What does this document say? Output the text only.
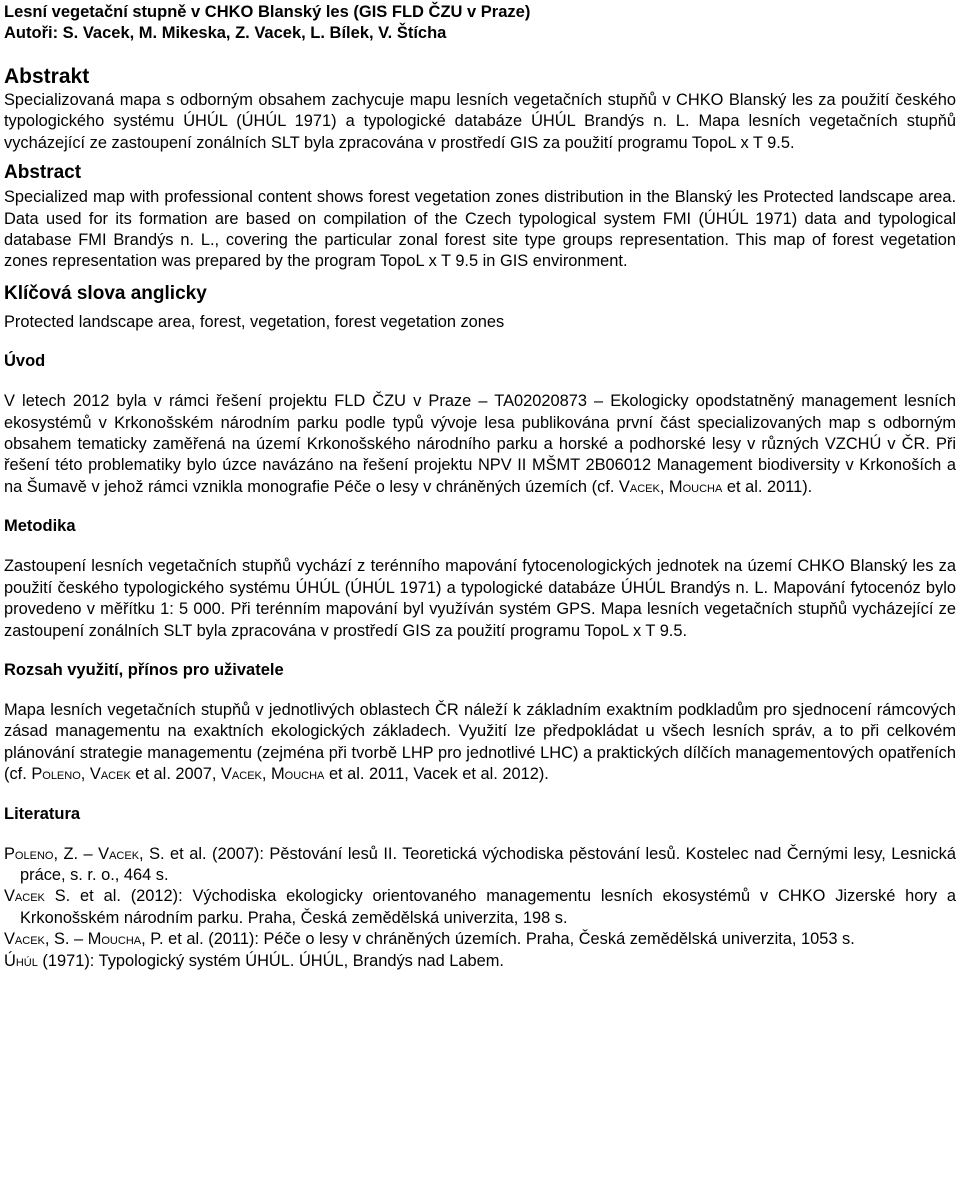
Lesní vegetační stupně v CHKO Blanský les (GIS FLD ČZU v Praze)
Autoři: S. Vacek, M. Mikeska, Z. Vacek, L. Bílek, V. Štícha
Abstrakt

Specializovaná mapa s odborným obsahem zachycuje mapu lesních vegetačních stupňů v CHKO Blanský les za použití českého typologického systému ÚHÚL (ÚHÚL 1971) a typologické databáze ÚHÚL Brandýs n. L. Mapa lesních vegetačních stupňů vycházející ze zastoupení zonálních SLT byla zpracována v prostředí GIS za použití programu TopoL x T 9.5.

Abstract

Specialized map with professional content shows forest vegetation zones distribution in the Blanský les Protected landscape area. Data used for its formation are based on compilation of the Czech typological system FMI (ÚHÚL 1971) data and typological database FMI Brandýs n. L., covering the particular zonal forest site type groups representation. This map of forest vegetation zones representation was prepared by the program TopoL x T 9.5 in GIS environment.

Klíčová slova anglicky

Protected landscape area, forest, vegetation, forest vegetation zones

Úvod

V letech 2012 byla v rámci řešení projektu FLD ČZU v Praze – TA02020873 – Ekologicky opodstatněný management lesních ekosystémů v Krkonošském národním parku podle typů vývoje lesa publikována první část specializovaných map s odborným obsahem tematicky zaměřená na území Krkonošského národního parku a horské a podhorské lesy v různých VZCHÚ v ČR. Při řešení této problematiky bylo úzce navázáno na řešení projektu NPV II MŠMT 2B06012 Management biodiversity v Krkonoších a na Šumavě v jehož rámci vznikla monografie Péče o lesy v chráněných územích (cf. Vacek, Moucha et al. 2011).

Metodika

Zastoupení lesních vegetačních stupňů vychází z terénního mapování fytocenologických jednotek na území CHKO Blanský les za použití českého typologického systému ÚHÚL (ÚHÚL 1971) a typologické databáze ÚHÚL Brandýs n. L. Mapování fytocenóz bylo provedeno v měřítku 1: 5 000. Při terénním mapování byl využíván systém GPS. Mapa lesních vegetačních stupňů vycházející ze zastoupení zonálních SLT byla zpracována v prostředí GIS za použití programu TopoL x T 9.5.

Rozsah využití, přínos pro uživatele

Mapa lesních vegetačních stupňů v jednotlivých oblastech ČR náleží k základním exaktním podkladům pro sjednocení rámcových zásad managementu na exaktních ekologických základech. Využití lze předpokládat u všech lesních správ, a to při celkovém plánování strategie managementu (zejména při tvorbě LHP pro jednotlivé LHC) a praktických dílčích managementových opatřeních (cf. Poleno, Vacek et al. 2007, Vacek, Moucha et al. 2011, Vacek et al. 2012).

Literatura
Poleno, Z. – Vacek, S. et al. (2007): Pěstování lesů II. Teoretická východiska pěstování lesů. Kostelec nad Černými lesy, Lesnická práce, s. r. o., 464 s.
Vacek S. et al. (2012): Východiska ekologicky orientovaného managementu lesních ekosystémů v CHKO Jizerské hory a Krkonošském národním parku. Praha, Česká zemědělská univerzita, 198 s.
Vacek, S. – Moucha, P. et al. (2011): Péče o lesy v chráněných územích. Praha, Česká zemědělská univerzita, 1053 s.
Úhúl (1971): Typologický systém ÚHÚL. ÚHÚL, Brandýs nad Labem.
